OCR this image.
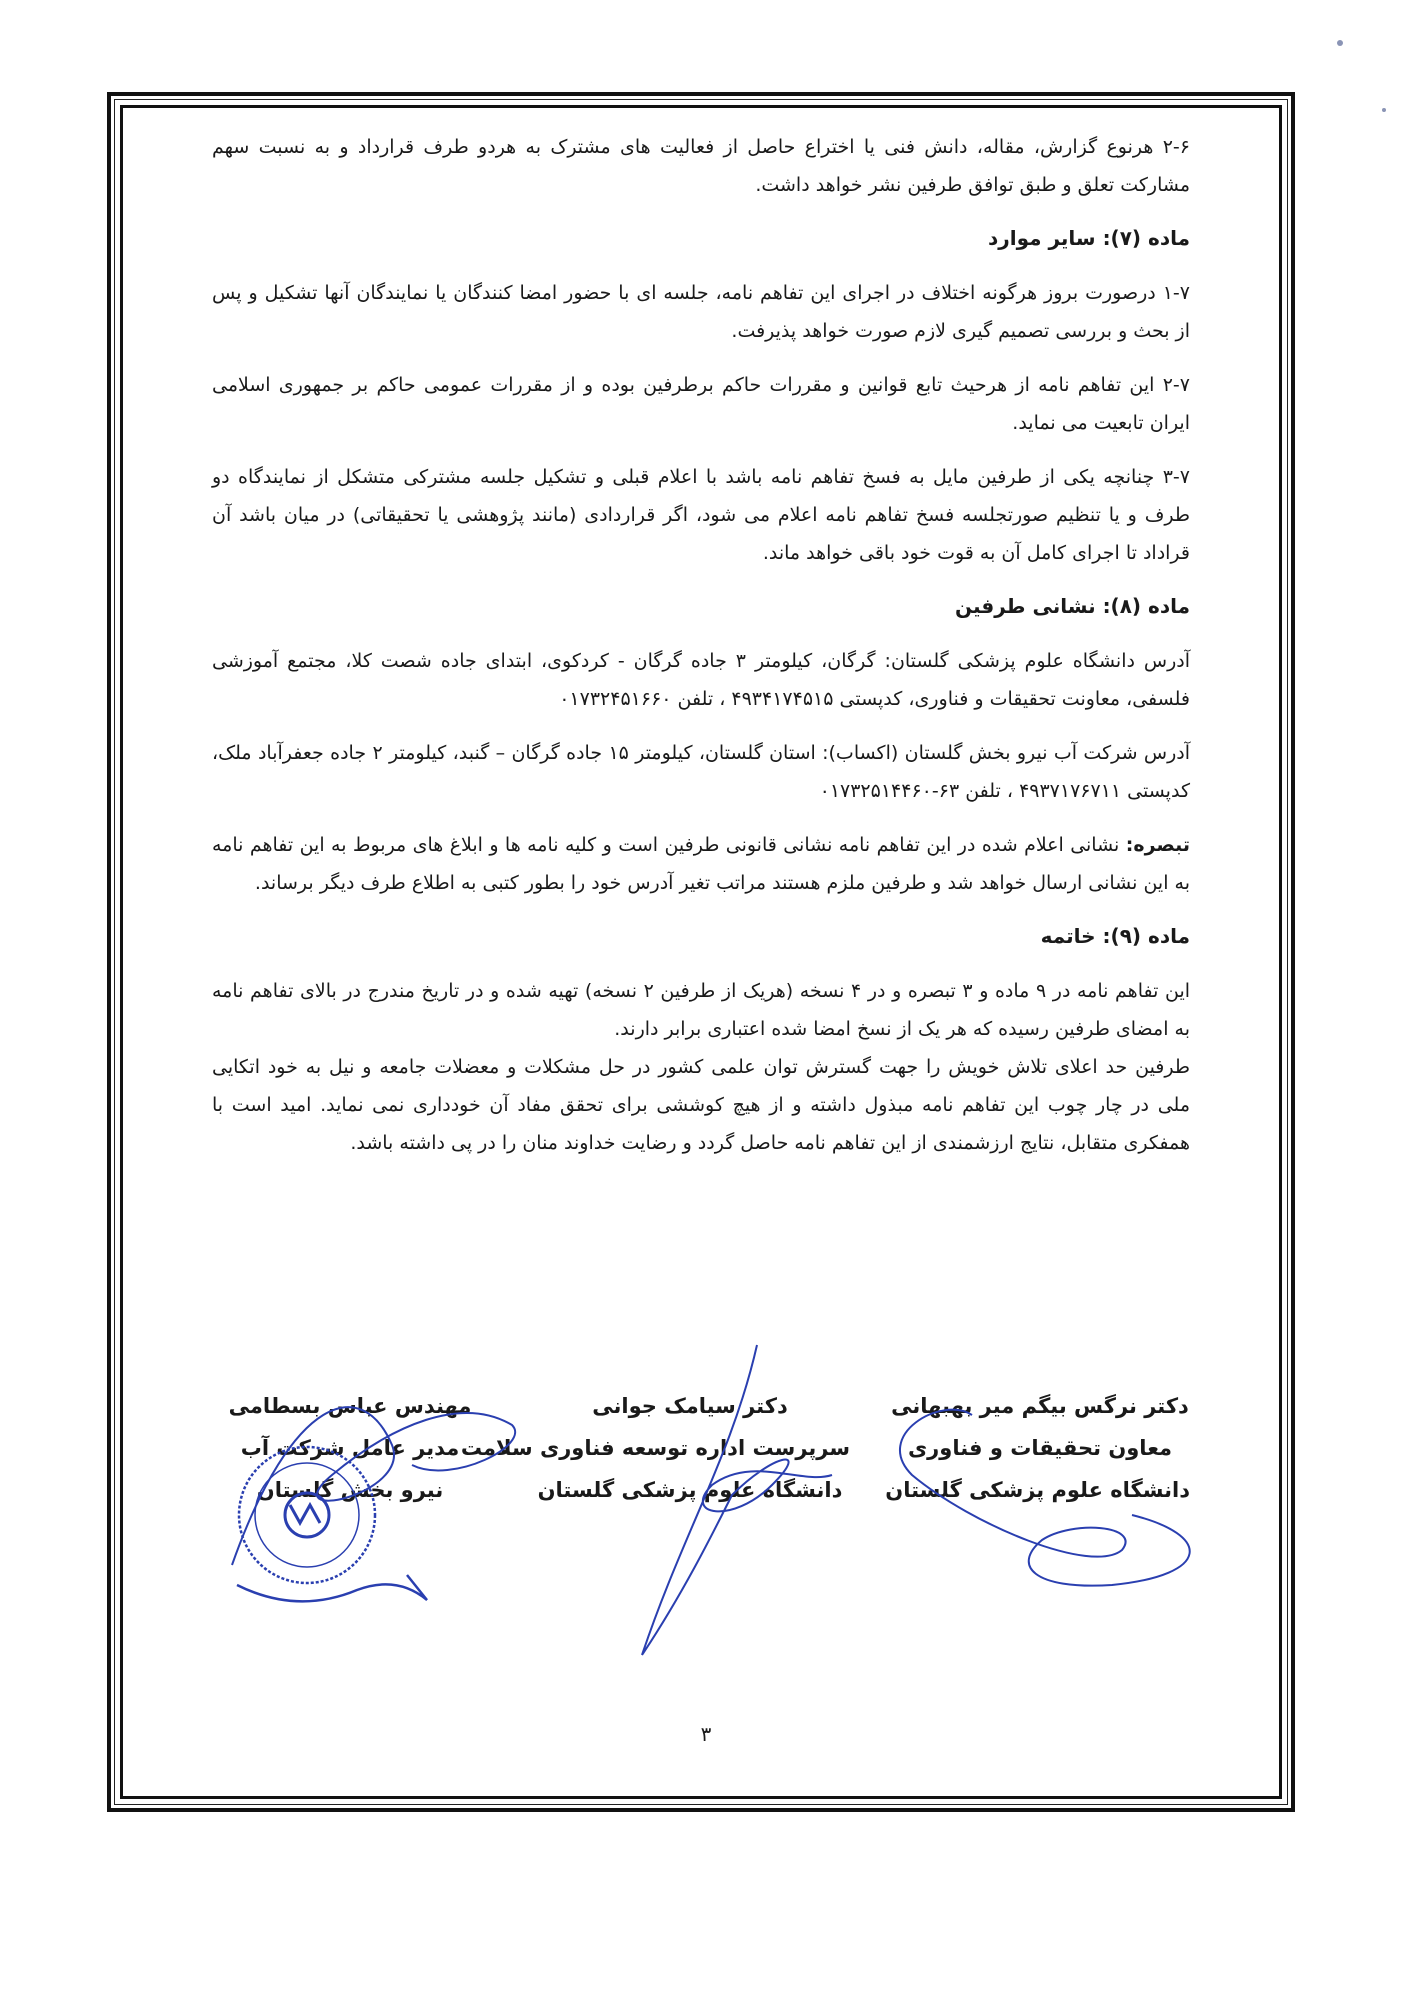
۲-۶ هرنوع گزارش، مقاله، دانش فنی یا اختراع حاصل از فعالیت های مشترک به هردو طرف قرارداد و به نسبت سهم مشارکت تعلق و طبق توافق طرفین نشر خواهد داشت.

ماده (۷): سایر موارد

۱-۷ درصورت بروز هرگونه اختلاف در اجرای این تفاهم نامه، جلسه ای با حضور امضا کنندگان یا نمایندگان آنها تشکیل و پس از بحث و بررسی تصمیم گیری لازم صورت خواهد پذیرفت.

۲-۷ این تفاهم نامه از هرحیث تابع قوانین و مقررات حاکم برطرفین بوده و از مقررات عمومی حاکم بر جمهوری اسلامی ایران تابعیت می نماید.

۳-۷ چنانچه یکی از طرفین مایل به فسخ تفاهم نامه باشد با اعلام قبلی و تشکیل جلسه مشترکی متشکل از نمایندگاه دو طرف و یا تنظیم صورتجلسه فسخ تفاهم نامه اعلام می شود، اگر قراردادی (مانند پژوهشی یا تحقیقاتی) در میان باشد آن قراداد تا اجرای کامل آن به قوت خود باقی خواهد ماند.

ماده (۸): نشانی طرفین

آدرس دانشگاه علوم پزشکی گلستان: گرگان، کیلومتر ۳ جاده گرگان - کردکوی، ابتدای جاده شصت کلا، مجتمع آموزشی فلسفی، معاونت تحقیقات و فناوری، کدپستی ۴۹۳۴۱۷۴۵۱۵ ، تلفن ۰۱۷۳۲۴۵۱۶۶۰

آدرس شرکت آب نیرو بخش گلستان (اکساب): استان گلستان، کیلومتر ۱۵ جاده گرگان – گنبد، کیلومتر ۲ جاده جعفرآباد ملک، کدپستی ۴۹۳۷۱۷۶۷۱۱ ، تلفن ۶۳-۰۱۷۳۲۵۱۴۴۶۰

تبصره: نشانی اعلام شده در این تفاهم نامه نشانی قانونی طرفین است و کلیه نامه ها و ابلاغ های مربوط به این تفاهم نامه به این نشانی ارسال خواهد شد و طرفین ملزم هستند مراتب تغیر آدرس خود را بطور کتبی به اطلاع طرف دیگر برساند.

ماده (۹): خاتمه

این تفاهم نامه در ۹ ماده و ۳ تبصره و در ۴ نسخه (هریک از طرفین ۲ نسخه) تهیه شده و در تاریخ مندرج در بالای تفاهم نامه به امضای طرفین رسیده که هر یک از نسخ امضا شده اعتباری برابر دارند.

طرفین حد اعلای تلاش خویش را جهت گسترش توان علمی کشور در حل مشکلات و معضلات جامعه و نیل به خود اتکایی ملی در چار چوب این تفاهم نامه مبذول داشته و از هیچ کوششی برای تحقق مفاد آن خودداری نمی نماید. امید است با همفکری متقابل، نتایج ارزشمندی از این تفاهم نامه حاصل گردد و رضایت خداوند منان را در پی داشته باشد.

دکتر نرگس بیگم میر بهبهانی
معاون تحقیقات و فناوری
دانشگاه علوم پزشکی گلستان
دکتر سیامک جوانی
سرپرست اداره توسعه فناوری سلامت
دانشگاه علوم پزشکی گلستان
مهندس عباس بسطامی
مدیر عامل شرکت آب
نیرو بخش گلستان
۳
